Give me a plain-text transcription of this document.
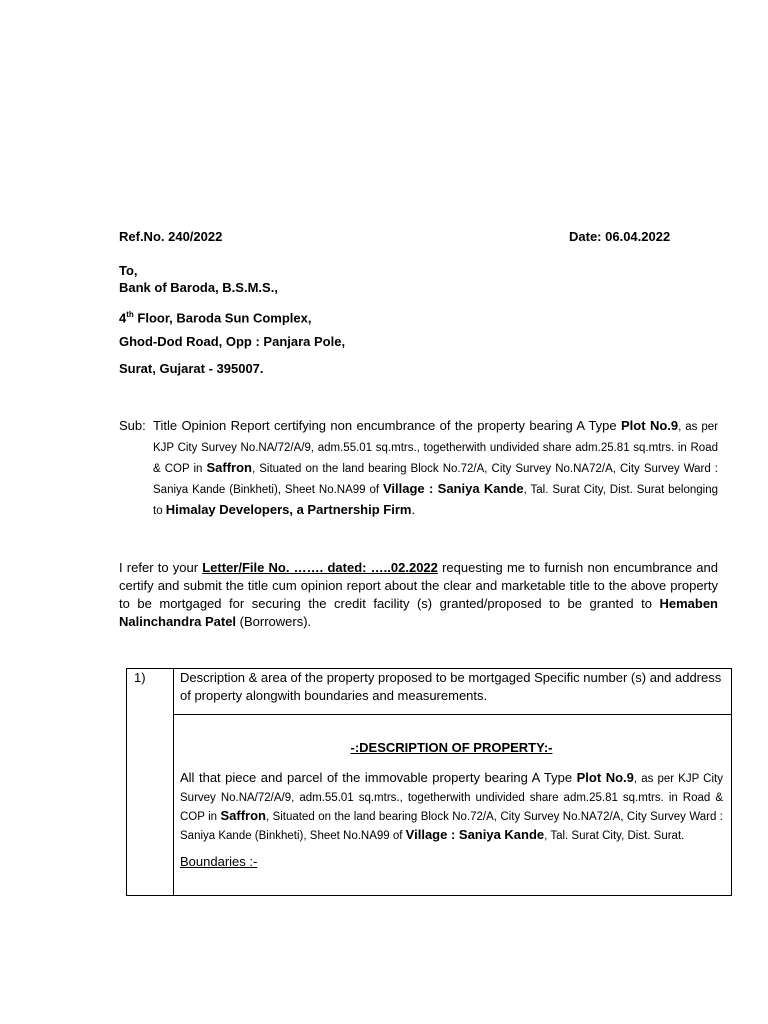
Ref.No. 240/2022	Date: 06.04.2022
To,
Bank of Baroda, B.S.M.S.,
4th Floor, Baroda Sun Complex,
Ghod-Dod Road, Opp : Panjara Pole,
Surat, Gujarat - 395007.
Sub: Title Opinion Report certifying non encumbrance of the property bearing A Type Plot No.9, as per KJP City Survey No.NA/72/A/9, adm.55.01 sq.mtrs., togetherwith undivided share adm.25.81 sq.mtrs. in Road & COP in Saffron, Situated on the land bearing Block No.72/A, City Survey No.NA72/A, City Survey Ward : Saniya Kande (Binkheti), Sheet No.NA99 of Village : Saniya Kande, Tal. Surat City, Dist. Surat belonging to Himalay Developers, a Partnership Firm.
I refer to your Letter/File No. ……. dated: …..02.2022 requesting me to furnish non encumbrance and certify and submit the title cum opinion report about the clear and marketable title to the above property to be mortgaged for securing the credit facility (s) granted/proposed to be granted to Hemaben Nalinchandra Patel (Borrowers).
1)	Description & area of the property proposed to be mortgaged Specific number (s) and address of property alongwith boundaries and measurements.

-:DESCRIPTION OF PROPERTY:-
All that piece and parcel of the immovable property bearing A Type Plot No.9, as per KJP City Survey No.NA/72/A/9, adm.55.01 sq.mtrs., togetherwith undivided share adm.25.81 sq.mtrs. in Road & COP in Saffron, Situated on the land bearing Block No.72/A, City Survey No.NA72/A, City Survey Ward : Saniya Kande (Binkheti), Sheet No.NA99 of Village : Saniya Kande, Tal. Surat City, Dist. Surat.
Boundaries :-
